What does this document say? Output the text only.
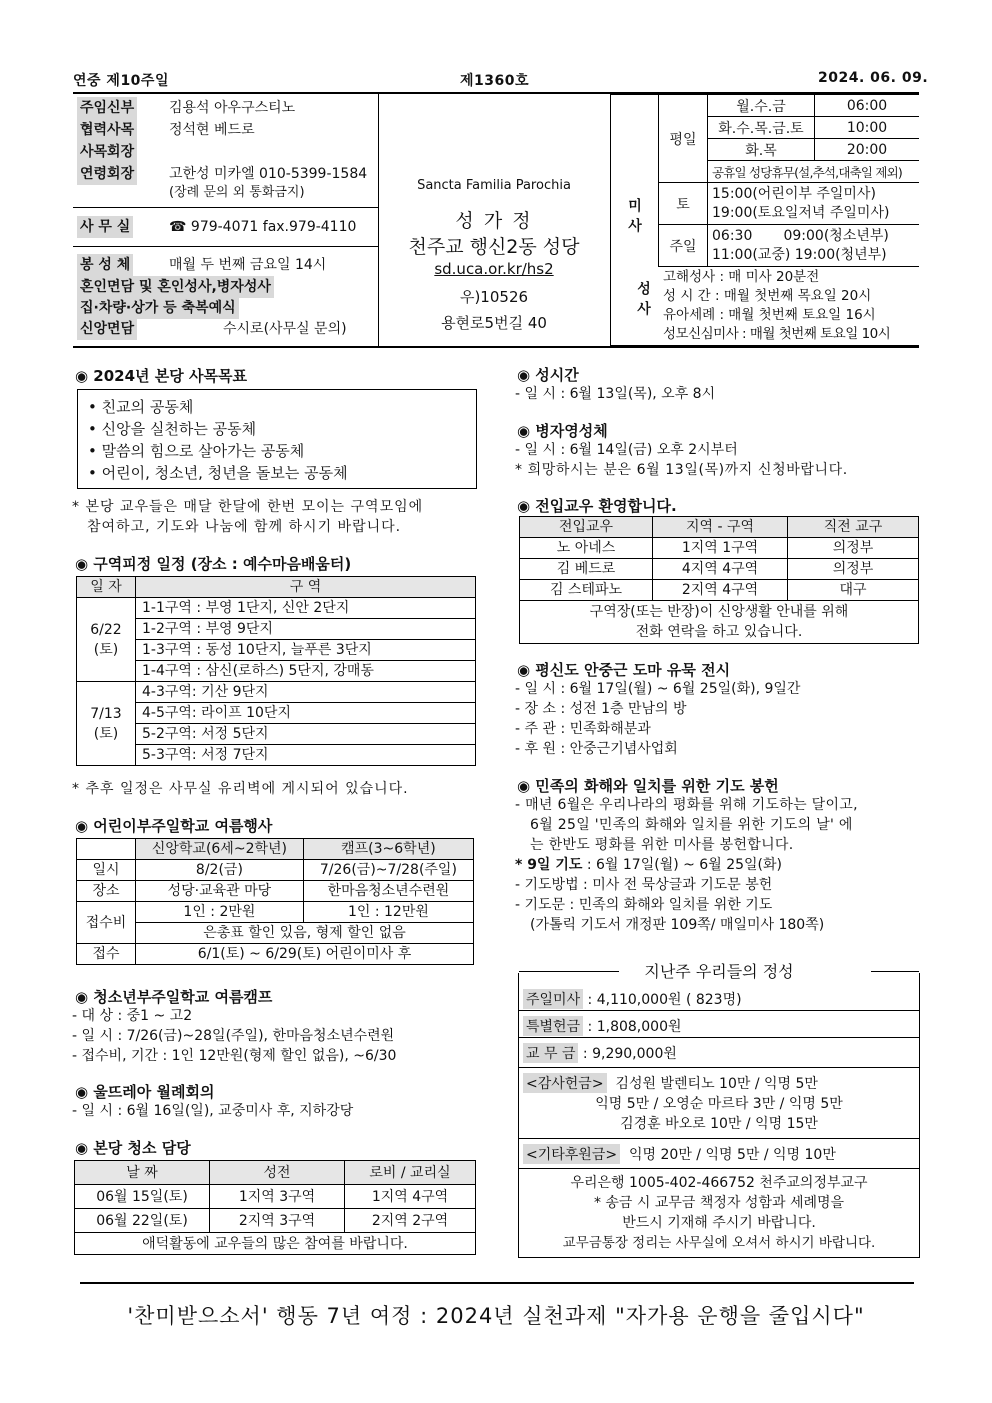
연중 제10주일	제1360호	2024. 06. 09.
주임신부 김용석 아우구스티노
협력사목 정석현 베드로
사목회장
연령회장 고한성 미카엘 010-5399-1584
(장례 문의 외 통화금지)
사 무 실	☎ 979-4071 fax.979-4110
봉 성 체	매월 두 번째 금요일 14시
혼인면담 및 혼인성사,병자성사
집·차량·상가 등 축복예식
신앙면담	수시로(사무실 문의)
Sancta Familia Parochia
성 가 정
천주교 행신2동 성당
sd.uca.or.kr/hs2
우)10526
용현로5번길 40
미사	평일	월.수.금	06:00
		화.수.목.금.토	10:00
		화.목	20:00
		공휴일 성당휴무(설,추석,대축일 제외)	
	토	15:00(어린이부 주일미사)
19:00(토요일저녁 주일미사)	

	주일	06:30       09:00(청소년부)
11:00(교중) 19:00(청년부)	

	성사
고해성사 : 매 미사 20분전
성 시 간 : 매월 첫번째 목요일 20시
유아세례 : 매월 첫번째 토요일 16시
성모신심미사 : 매월 첫번째 토요일 10시		
◉ 2024년 본당 사목목표
• 친교의 공동체
• 신앙을 실천하는 공동체
• 말씀의 힘으로 살아가는 공동체
• 어린이, 청소년, 청년을 돌보는 공동체
* 본당 교우들은 매달 한달에 한번 모이는 구역모임에
참여하고, 기도와 나눔에 함께 하시기 바랍니다.
◉ 구역피정 일정 (장소 : 예수마음배움터)
일 자	구 역

6/22
(토)	1-1구역 : 부영 1단지, 신안 2단지
	1-2구역 : 부영 9단지
	1-3구역 : 동성 10단지, 늘푸른 3단지
	1-4구역 : 삼신(로하스) 5단지, 강매동

7/13
(토)	4-3구역: 기산 9단지
	4-5구역: 라이프 10단지
	5-2구역: 서정 5단지
	5-3구역: 서정 7단지
* 추후 일정은 사무실 유리벽에 게시되어 있습니다.
◉ 어린이부주일학교 여름행사
	신앙학교(6세~2학년)	캠프(3~6학년)
일시	8/2(금)	7/26(금)~7/28(주일)
장소	성당·교육관 마당	한마음청소년수련원
접수비	1인 : 2만원	1인 : 12만원
	은총표 할인 있음, 형제 할인 없음	
접수	6/1(토) ~ 6/29(토) 어린이미사 후	
◉ 청소년부주일학교 여름캠프
- 대 상 : 중1 ~ 고2
- 일 시 : 7/26(금)~28일(주일), 한마음청소년수련원
- 접수비, 기간 : 1인 12만원(형제 할인 없음), ~6/30
◉ 울뜨레아 월례회의
- 일 시 : 6월 16일(일), 교중미사 후, 지하강당
◉ 본당 청소 담당
날 짜	성전	로비 / 교리실
06월 15일(토)	1지역 3구역	1지역 4구역
06월 22일(토)	2지역 3구역	2지역 2구역
애덕활동에 교우들의 많은 참여를 바랍니다.		
◉ 성시간
- 일 시 : 6월 13일(목), 오후 8시
◉ 병자영성체
- 일 시 : 6월 14일(금) 오후 2시부터
* 희망하시는 분은 6월 13일(목)까지 신청바랍니다.
◉ 전입교우 환영합니다.
전입교우	지역 - 구역	직전 교구
노 아네스	1지역 1구역	의정부
김 베드로	4지역 4구역	의정부
김 스테파노	2지역 4구역	대구

구역장(또는 반장)이 신앙생활 안내를 위해
전화 연락을 하고 있습니다.		
◉ 평신도 안중근 도마 유묵 전시
- 일 시 : 6월 17일(월) ~ 6월 25일(화), 9일간
- 장 소 : 성전 1층 만남의 방
- 주 관 : 민족화해분과
- 후 원 : 안중근기념사업회
◉ 민족의 화해와 일치를 위한 기도 봉헌
- 매년 6월은 우리나라의 평화를 위해 기도하는 달이고,
6월 25일 '민족의 화해와 일치를 위한 기도의 날' 에
는 한반도 평화를 위한 미사를 봉헌합니다.
* 9일 기도 : 6월 17일(월) ~ 6월 25일(화)
- 기도방법 : 미사 전 묵상글과 기도문 봉헌
- 기도문 : 민족의 화해와 일치를 위한 기도
(가톨릭 기도서 개정판 109쪽/ 매일미사 180쪽)
지난주 우리들의 정성
주일미사 : 4,110,000원 ( 823명)
특별헌금 : 1,808,000원
교 무 금 : 9,290,000원
<감사헌금> 김성원 발렌티노 10만 / 익명 5만
익명 5만 / 오영순 마르타 3만 / 익명 5만
김경훈 바오로 10만 / 익명 15만
<기타후원금> 익명 20만 / 익명 5만 / 익명 10만
우리은행 1005-402-466752 천주교의정부교구
* 송금 시 교무금 책정자 성함과 세례명을
반드시 기재해 주시기 바랍니다.
교무금통장 정리는 사무실에 오셔서 하시기 바랍니다.
'찬미받으소서' 행동 7년 여정 : 2024년 실천과제 "자가용 운행을 줄입시다"
